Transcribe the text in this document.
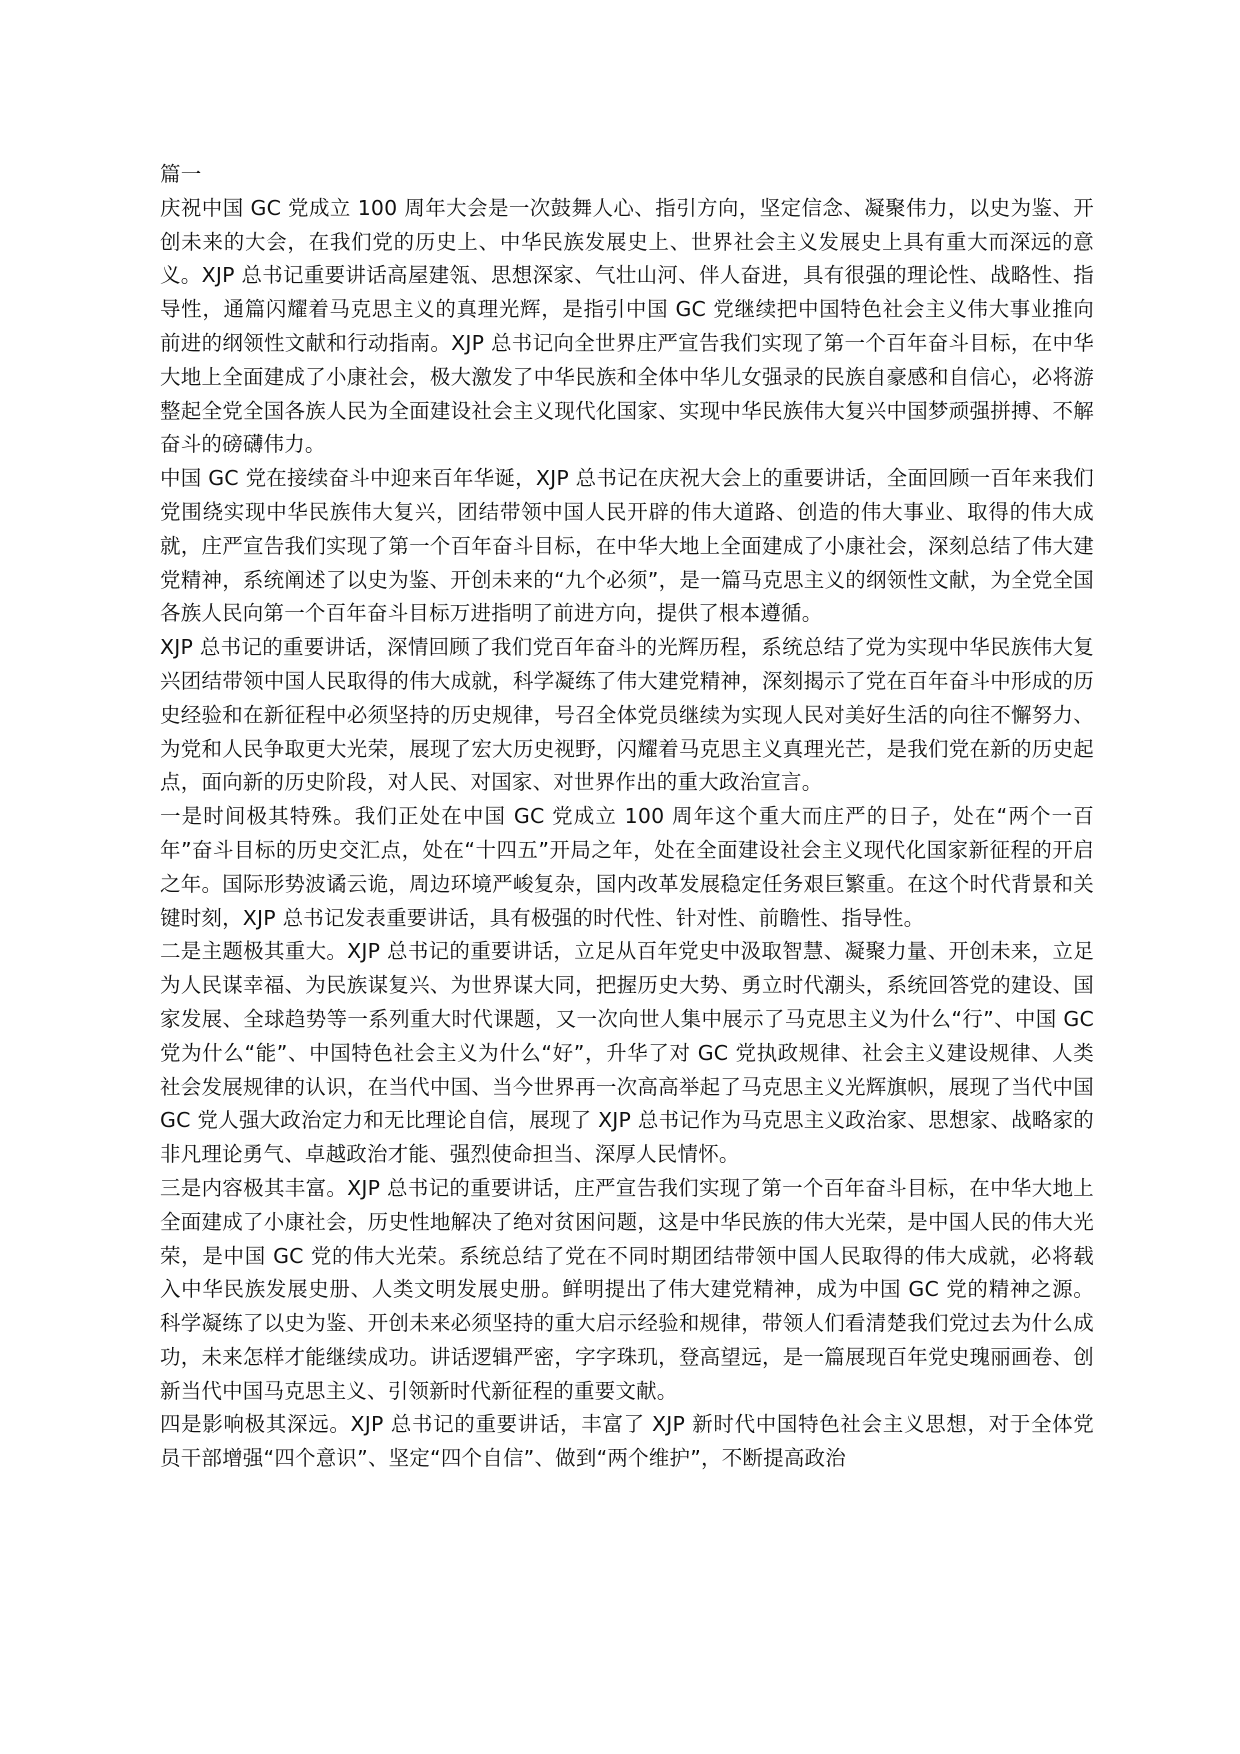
篇一

庆祝中国 GC 党成立 100 周年大会是一次鼓舞人心、指引方向，坚定信念、凝聚伟力，以史为鉴、开创未来的大会，在我们党的历史上、中华民族发展史上、世界社会主义发展史上具有重大而深远的意义。XJP 总书记重要讲话高屋建瓴、思想深家、气壮山河、伴人奋进，具有很强的理论性、战略性、指导性，通篇闪耀着马克思主义的真理光辉，是指引中国 GC 党继续把中国特色社会主义伟大事业推向前进的纲领性文献和行动指南。XJP 总书记向全世界庄严宣告我们实现了第一个百年奋斗目标，在中华大地上全面建成了小康社会，极大激发了中华民族和全体中华儿女强录的民族自豪感和自信心，必将游整起全党全国各族人民为全面建设社会主义现代化国家、实现中华民族伟大复兴中国梦顽强拼搏、不解奋斗的磅礴伟力。

中国 GC 党在接续奋斗中迎来百年华诞，XJP 总书记在庆祝大会上的重要讲话，全面回顾一百年来我们党围绕实现中华民族伟大复兴，团结带领中国人民开辟的伟大道路、创造的伟大事业、取得的伟大成就，庄严宣告我们实现了第一个百年奋斗目标，在中华大地上全面建成了小康社会，深刻总结了伟大建党精神，系统阐述了以史为鉴、开创未来的“九个必须”，是一篇马克思主义的纲领性文献，为全党全国各族人民向第一个百年奋斗目标万进指明了前进方向，提供了根本遵循。

XJP 总书记的重要讲话，深情回顾了我们党百年奋斗的光辉历程，系统总结了党为实现中华民族伟大复兴团结带领中国人民取得的伟大成就，科学凝练了伟大建党精神，深刻揭示了党在百年奋斗中形成的历史经验和在新征程中必须坚持的历史规律，号召全体党员继续为实现人民对美好生活的向往不懈努力、为党和人民争取更大光荣，展现了宏大历史视野，闪耀着马克思主义真理光芒，是我们党在新的历史起点，面向新的历史阶段，对人民、对国家、对世界作出的重大政治宣言。

一是时间极其特殊。我们正处在中国 GC 党成立 100 周年这个重大而庄严的日子，处在“两个一百年”奋斗目标的历史交汇点，处在“十四五”开局之年，处在全面建设社会主义现代化国家新征程的开启之年。国际形势波谲云诡，周边环境严峻复杂，国内改革发展稳定任务艰巨繁重。在这个时代背景和关键时刻，XJP 总书记发表重要讲话，具有极强的时代性、针对性、前瞻性、指导性。

二是主题极其重大。XJP 总书记的重要讲话，立足从百年党史中汲取智慧、凝聚力量、开创未来，立足为人民谋幸福、为民族谋复兴、为世界谋大同，把握历史大势、勇立时代潮头，系统回答党的建设、国家发展、全球趋势等一系列重大时代课题，又一次向世人集中展示了马克思主义为什么“行”、中国 GC 党为什么“能”、中国特色社会主义为什么“好”，升华了对 GC 党执政规律、社会主义建设规律、人类社会发展规律的认识，在当代中国、当今世界再一次高高举起了马克思主义光辉旗帜，展现了当代中国 GC 党人强大政治定力和无比理论自信，展现了 XJP 总书记作为马克思主义政治家、思想家、战略家的非凡理论勇气、卓越政治才能、强烈使命担当、深厚人民情怀。

三是内容极其丰富。XJP 总书记的重要讲话，庄严宣告我们实现了第一个百年奋斗目标，在中华大地上全面建成了小康社会，历史性地解决了绝对贫困问题，这是中华民族的伟大光荣，是中国人民的伟大光荣，是中国 GC 党的伟大光荣。系统总结了党在不同时期团结带领中国人民取得的伟大成就，必将载入中华民族发展史册、人类文明发展史册。鲜明提出了伟大建党精神，成为中国 GC 党的精神之源。科学凝练了以史为鉴、开创未来必须坚持的重大启示经验和规律，带领人们看清楚我们党过去为什么成功，未来怎样才能继续成功。讲话逻辑严密，字字珠玑，登高望远，是一篇展现百年党史瑰丽画卷、创新当代中国马克思主义、引领新时代新征程的重要文献。

四是影响极其深远。XJP 总书记的重要讲话，丰富了 XJP 新时代中国特色社会主义思想，对于全体党员干部增强“四个意识”、坚定“四个自信”、做到“两个维护”，不断提高政治
